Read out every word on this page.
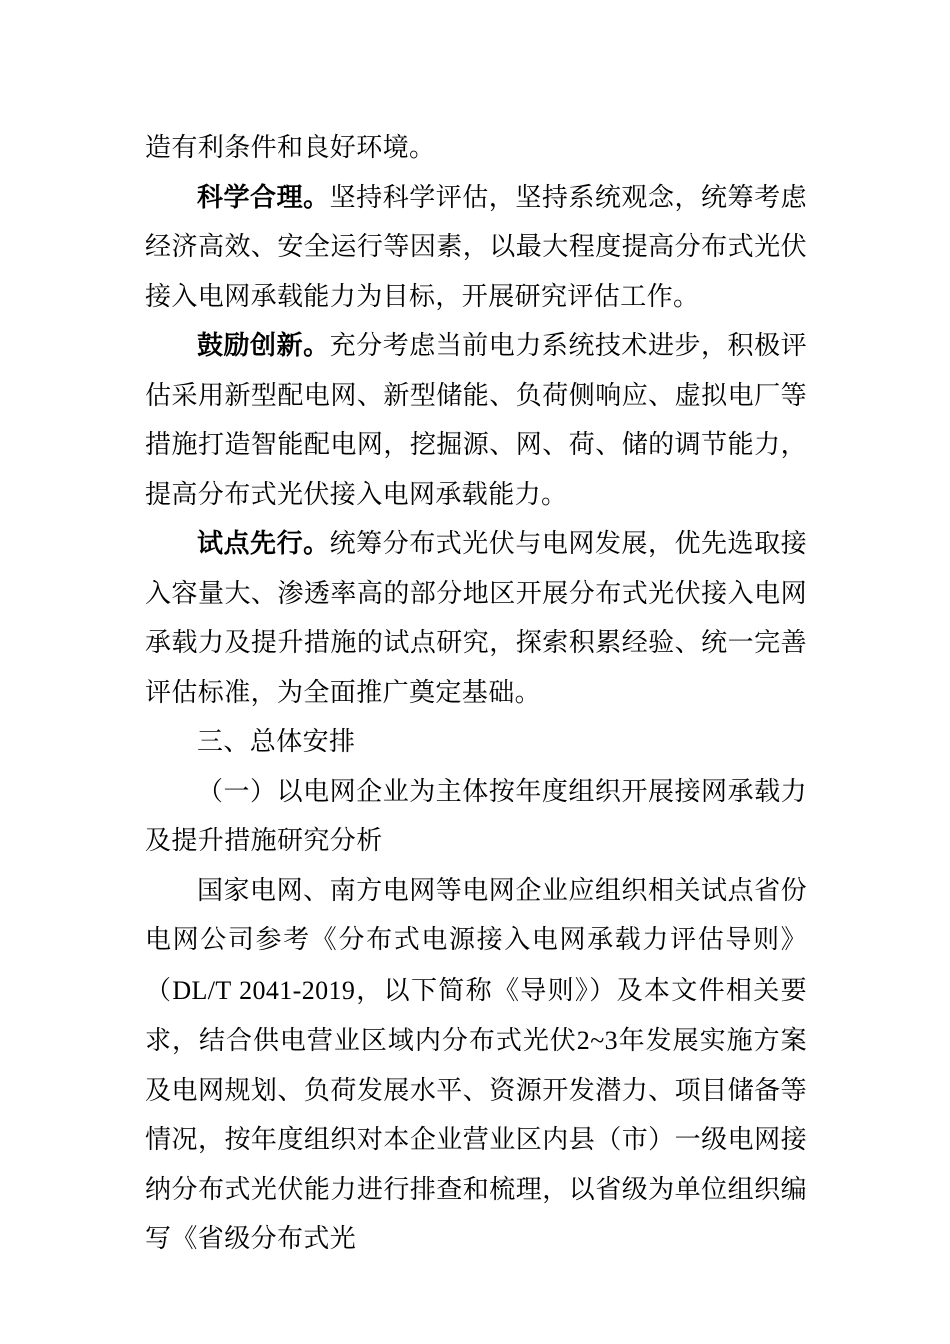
造有利条件和良好环境。

科学合理。坚持科学评估，坚持系统观念，统筹考虑经济高效、安全运行等因素，以最大程度提高分布式光伏接入电网承载能力为目标，开展研究评估工作。

鼓励创新。充分考虑当前电力系统技术进步，积极评估采用新型配电网、新型储能、负荷侧响应、虚拟电厂等措施打造智能配电网，挖掘源、网、荷、储的调节能力，提高分布式光伏接入电网承载能力。

试点先行。统筹分布式光伏与电网发展，优先选取接入容量大、渗透率高的部分地区开展分布式光伏接入电网承载力及提升措施的试点研究，探索积累经验、统一完善评估标准，为全面推广奠定基础。

三、总体安排

（一）以电网企业为主体按年度组织开展接网承载力及提升措施研究分析

国家电网、南方电网等电网企业应组织相关试点省份电网公司参考《分布式电源接入电网承载力评估导则》（DL/T 2041-2019，以下简称《导则》）及本文件相关要求，结合供电营业区域内分布式光伏2~3年发展实施方案及电网规划、负荷发展水平、资源开发潜力、项目储备等情况，按年度组织对本企业营业区内县（市）一级电网接纳分布式光伏能力进行排查和梳理，以省级为单位组织编写《省级分布式光
